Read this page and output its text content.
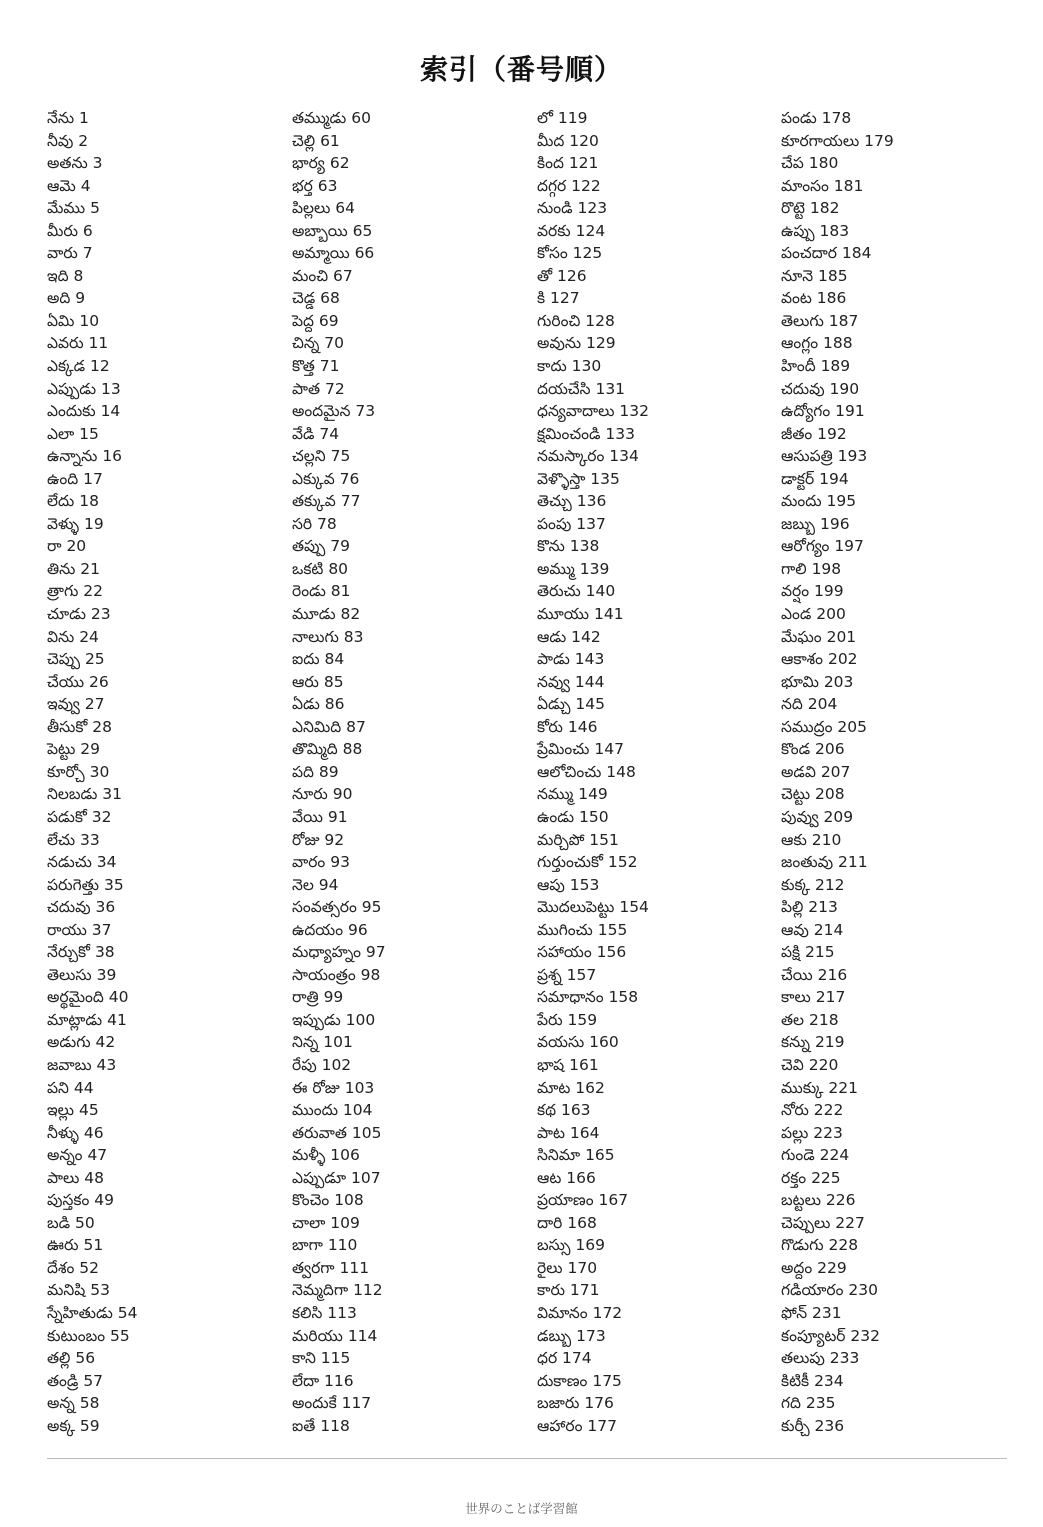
索引（番号順）
నేను 1
నీవు 2
అతను 3
ఆమె 4
మేము 5
మీరు 6
వారు 7
ఇది 8
అది 9
ఏమి 10
ఎవరు 11
ఎక్కడ 12
ఎప్పుడు 13
ఎందుకు 14
ఎలా 15
ఉన్నాను 16
ఉంది 17
లేదు 18
వెళ్ళు 19
రా 20
తిను 21
త్రాగు 22
చూడు 23
విను 24
చెప్పు 25
చేయు 26
ఇవ్వు 27
తీసుకో 28
పెట్టు 29
కూర్చో 30
నిలబడు 31
పడుకో 32
లేచు 33
నడుచు 34
పరుగెత్తు 35
చదువు 36
రాయు 37
నేర్చుకో 38
తెలుసు 39
అర్థమైంది 40
మాట్లాడు 41
అడుగు 42
జవాబు 43
పని 44
ఇల్లు 45
నీళ్ళు 46
అన్నం 47
పాలు 48
పుస్తకం 49
బడి 50
ఊరు 51
దేశం 52
మనిషి 53
స్నేహితుడు 54
కుటుంబం 55
తల్లి 56
తండ్రి 57
అన్న 58
అక్క 59
తమ్ముడు 60
చెల్లి 61
భార్య 62
భర్త 63
పిల్లలు 64
అబ్బాయి 65
అమ్మాయి 66
మంచి 67
చెడ్డ 68
పెద్ద 69
చిన్న 70
కొత్త 71
పాత 72
అందమైన 73
వేడి 74
చల్లని 75
ఎక్కువ 76
తక్కువ 77
సరి 78
తప్పు 79
ఒకటి 80
రెండు 81
మూడు 82
నాలుగు 83
ఐదు 84
ఆరు 85
ఏడు 86
ఎనిమిది 87
తొమ్మిది 88
పది 89
నూరు 90
వేయి 91
రోజు 92
వారం 93
నెల 94
సంవత్సరం 95
ఉదయం 96
మధ్యాహ్నం 97
సాయంత్రం 98
రాత్రి 99
ఇప్పుడు 100
నిన్న 101
రేపు 102
ఈ రోజు 103
ముందు 104
తరువాత 105
మళ్ళీ 106
ఎప్పుడూ 107
కొంచెం 108
చాలా 109
బాగా 110
త్వరగా 111
నెమ్మదిగా 112
కలిసి 113
మరియు 114
కాని 115
లేదా 116
అందుకే 117
ఐతే 118
లో 119
మీద 120
కింద 121
దగ్గర 122
నుండి 123
వరకు 124
కోసం 125
తో 126
కి 127
గురించి 128
అవును 129
కాదు 130
దయచేసి 131
ధన్యవాదాలు 132
క్షమించండి 133
నమస్కారం 134
వెళ్ళొస్తా 135
తెచ్చు 136
పంపు 137
కొను 138
అమ్ము 139
తెరుచు 140
మూయు 141
ఆడు 142
పాడు 143
నవ్వు 144
ఏడ్చు 145
కోరు 146
ప్రేమించు 147
ఆలోచించు 148
నమ్ము 149
ఉండు 150
మర్చిపో 151
గుర్తుంచుకో 152
ఆపు 153
మొదలుపెట్టు 154
ముగించు 155
సహాయం 156
ప్రశ్న 157
సమాధానం 158
పేరు 159
వయసు 160
భాష 161
మాట 162
కథ 163
పాట 164
సినిమా 165
ఆట 166
ప్రయాణం 167
దారి 168
బస్సు 169
రైలు 170
కారు 171
విమానం 172
డబ్బు 173
ధర 174
దుకాణం 175
బజారు 176
ఆహారం 177
పండు 178
కూరగాయలు 179
చేప 180
మాంసం 181
రొట్టె 182
ఉప్పు 183
పంచదార 184
నూనె 185
వంట 186
తెలుగు 187
ఆంగ్లం 188
హిందీ 189
చదువు 190
ఉద్యోగం 191
జీతం 192
ఆసుపత్రి 193
డాక్టర్ 194
మందు 195
జబ్బు 196
ఆరోగ్యం 197
గాలి 198
వర్షం 199
ఎండ 200
మేఘం 201
ఆకాశం 202
భూమి 203
నది 204
సముద్రం 205
కొండ 206
అడవి 207
చెట్టు 208
పువ్వు 209
ఆకు 210
జంతువు 211
కుక్క 212
పిల్లి 213
ఆవు 214
పక్షి 215
చేయి 216
కాలు 217
తల 218
కన్ను 219
చెవి 220
ముక్కు 221
నోరు 222
పల్లు 223
గుండె 224
రక్తం 225
బట్టలు 226
చెప్పులు 227
గొడుగు 228
అద్దం 229
గడియారం 230
ఫోన్ 231
కంప్యూటర్ 232
తలుపు 233
కిటికీ 234
గది 235
కుర్చీ 236
世界のことば学習館
